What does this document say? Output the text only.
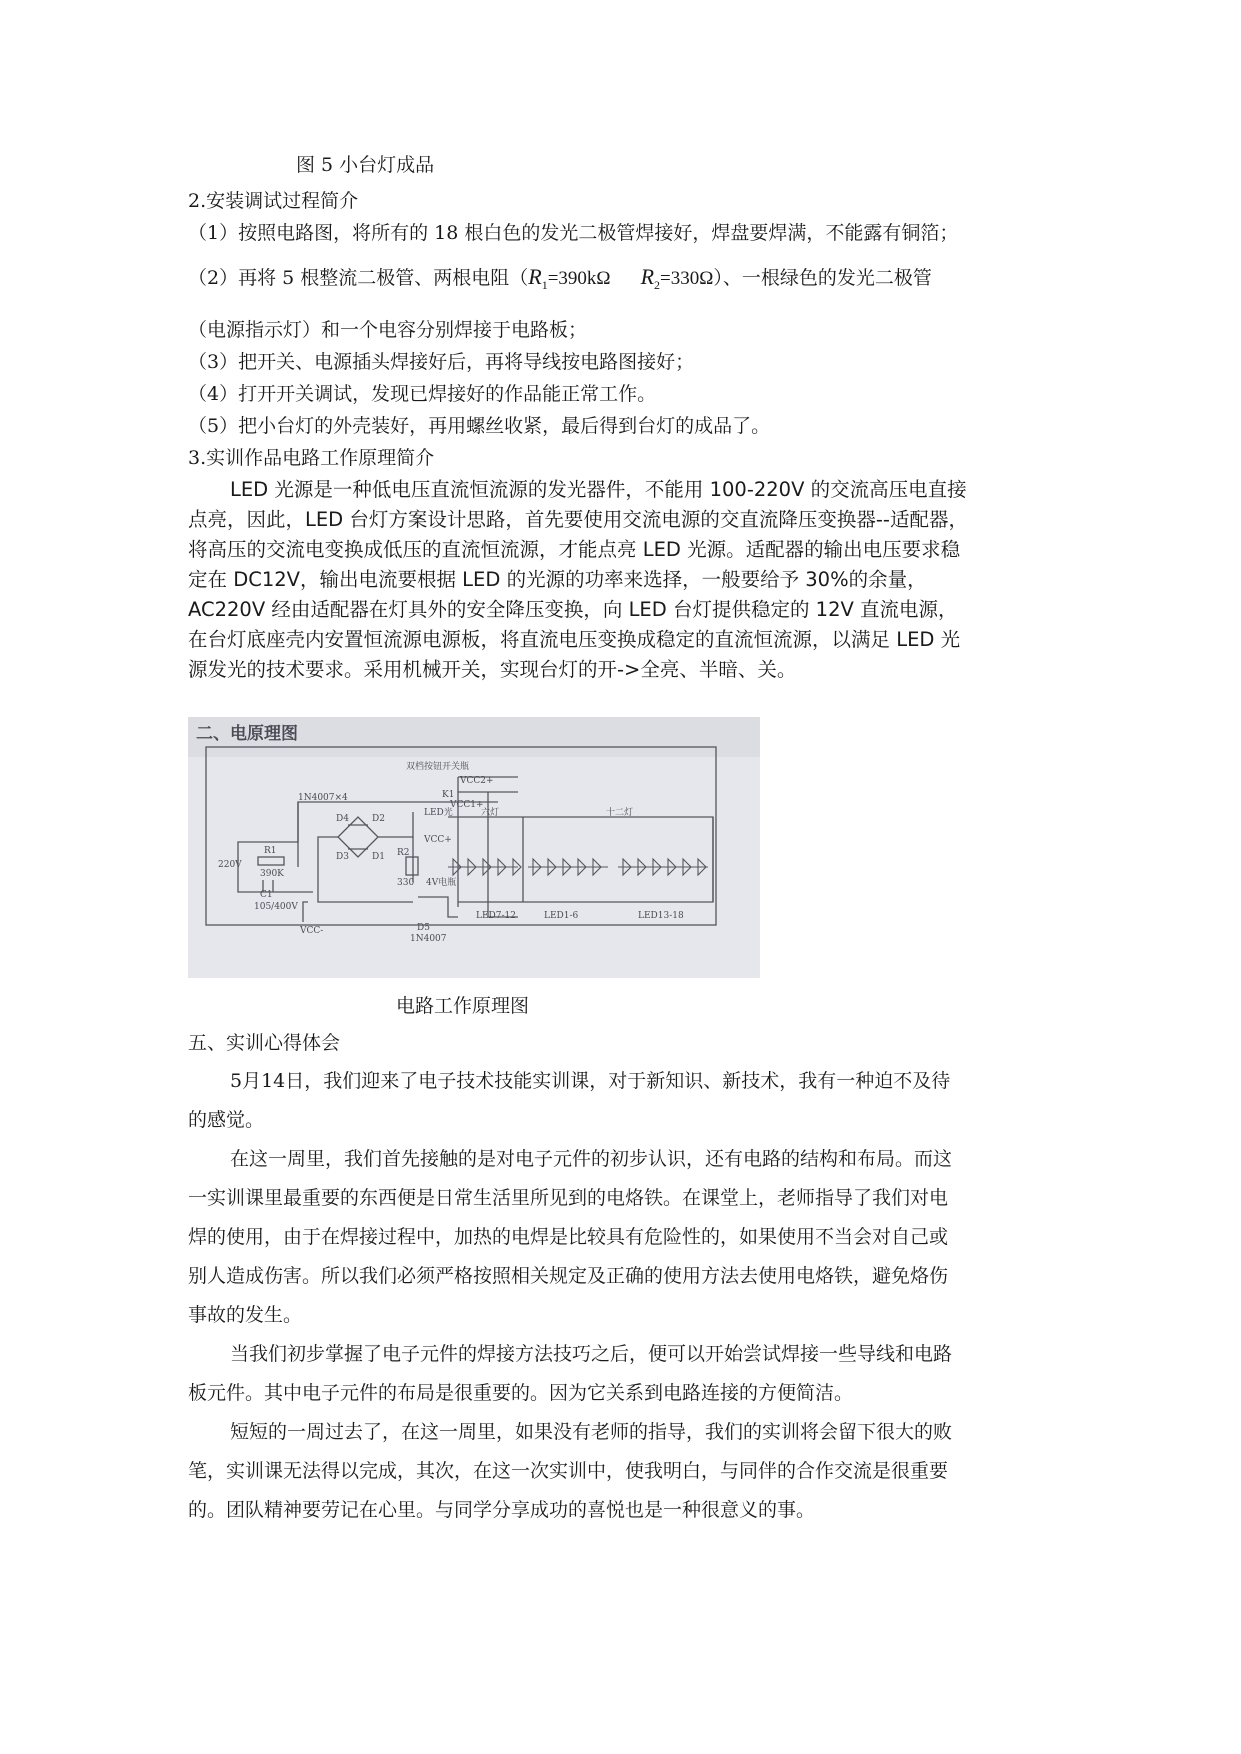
图 5 小台灯成品
2.安装调试过程简介
（1）按照电路图，将所有的 18 根白色的发光二极管焊接好，焊盘要焊满，不能露有铜箔；
（2）再将 5 根整流二极管、两根电阻（$R_1=390k\Omega$ $R_2=330\Omega$）、一根绿色的发光二极管
（电源指示灯）和一个电容分别焊接于电路板；
（3）把开关、电源插头焊接好后，再将导线按电路图接好；
（4）打开开关调试，发现已焊接好的作品能正常工作。
（5）把小台灯的外壳装好，再用螺丝收紧，最后得到台灯的成品了。
3.实训作品电路工作原理简介
LED 光源是一种低电压直流恒流源的发光器件，不能用 100-220V 的交流高压电直接
点亮，因此，LED 台灯方案设计思路，首先要使用交流电源的交直流降压变换器--适配器，
将高压的交流电变换成低压的直流恒流源，才能点亮 LED 光源。适配器的输出电压要求稳
定在 DC12V，输出电流要根据 LED 的光源的功率来选择，一般要给予 30%的余量，
AC220V 经由适配器在灯具外的安全降压变换，向 LED 台灯提供稳定的 12V 直流电源，
在台灯底座壳内安置恒流源电源板，将直流电压变换成稳定的直流恒流源，以满足 LED 光
源发光的技术要求。采用机械开关，实现台灯的开->全亮、半暗、关。
二、电原理图
1N4007×4
双档按钮开关瓶
VCC2+
K1
VCC1+
六灯	十二灯
LED光
D4	D2
D3	D1
R1
390K
R2
330
VCC+
4V电瓶
220V
C1
105/400V
VCC-	D5
1N4007
LED7-12	LED1-6	LED13-18
电路工作原理图
五、实训心得体会
5月14日，我们迎来了电子技术技能实训课，对于新知识、新技术，我有一种迫不及待
的感觉。
在这一周里，我们首先接触的是对电子元件的初步认识，还有电路的结构和布局。而这
一实训课里最重要的东西便是日常生活里所见到的电烙铁。在课堂上，老师指导了我们对电
焊的使用，由于在焊接过程中，加热的电焊是比较具有危险性的，如果使用不当会对自己或
别人造成伤害。所以我们必须严格按照相关规定及正确的使用方法去使用电烙铁，避免烙伤
事故的发生。
当我们初步掌握了电子元件的焊接方法技巧之后，便可以开始尝试焊接一些导线和电路
板元件。其中电子元件的布局是很重要的。因为它关系到电路连接的方便简洁。
短短的一周过去了，在这一周里，如果没有老师的指导，我们的实训将会留下很大的败
笔，实训课无法得以完成，其次，在这一次实训中，使我明白，与同伴的合作交流是很重要
的。团队精神要劳记在心里。与同学分享成功的喜悦也是一种很意义的事。
